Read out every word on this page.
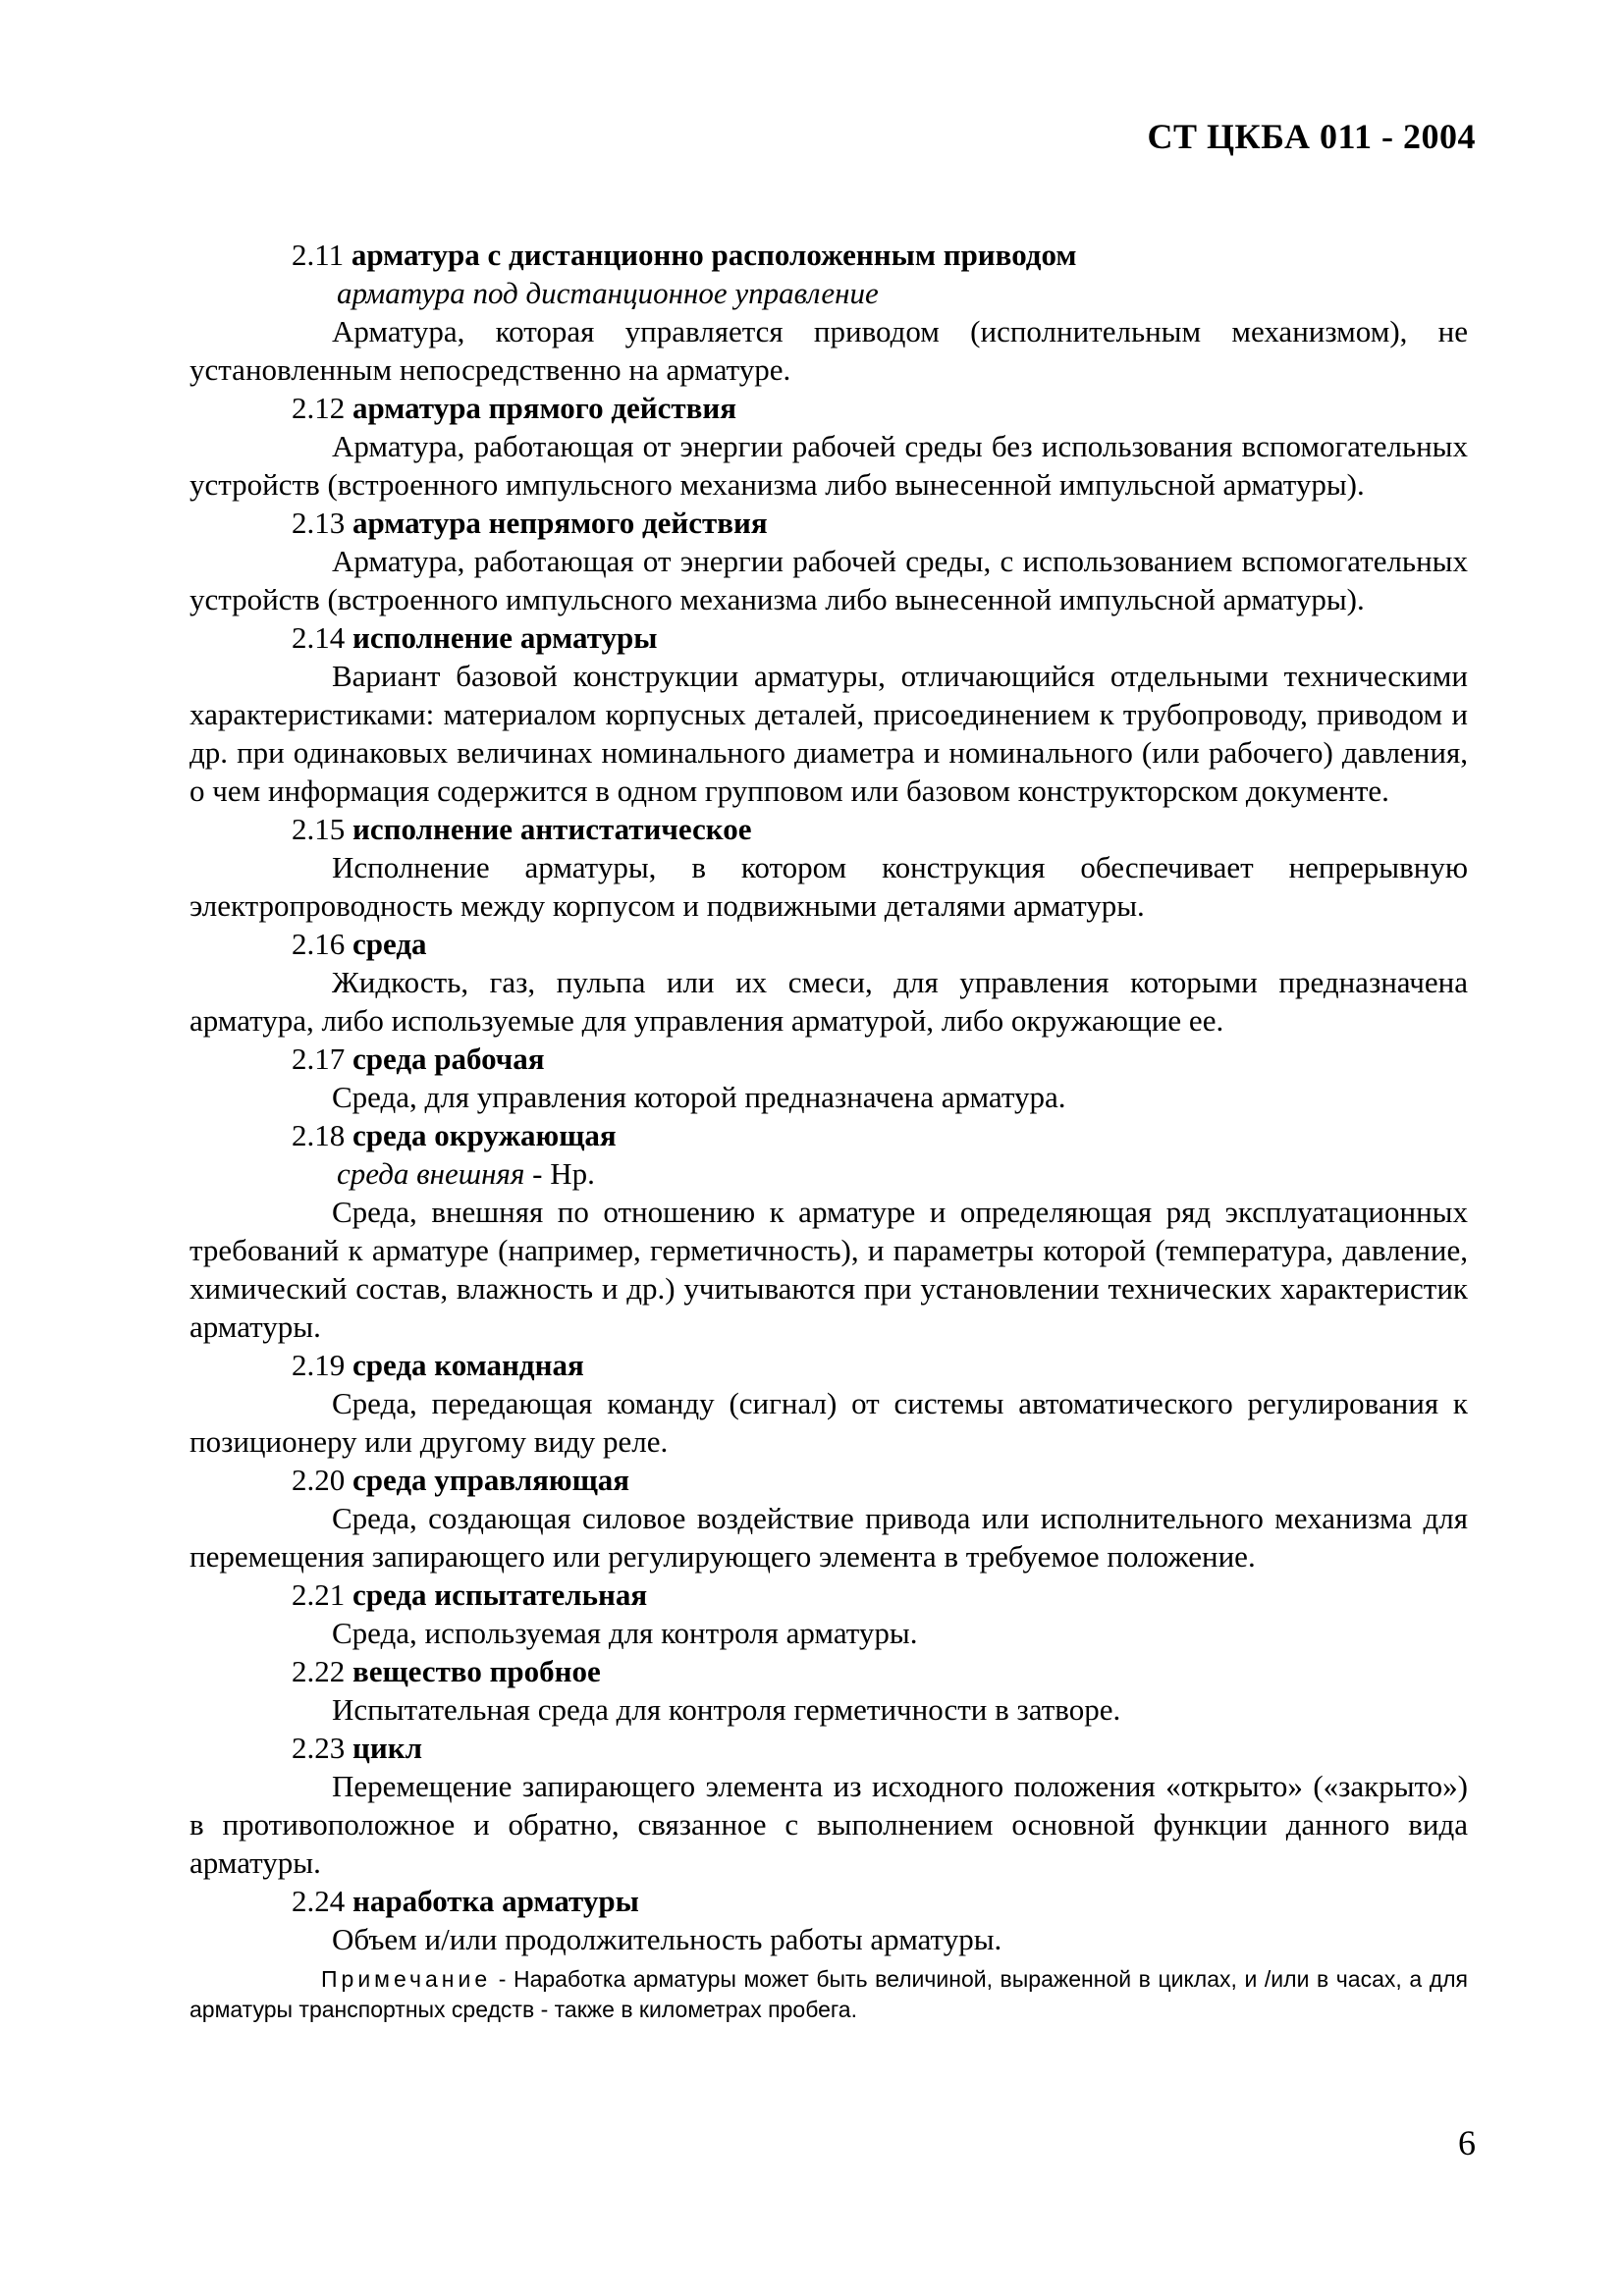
СТ ЦКБА 011 - 2004
2.11 арматура с дистанционно расположенным приводом
арматура под дистанционное управление
Арматура, которая управляется приводом (исполнительным механизмом), не установленным непосредственно на арматуре.
2.12 арматура прямого действия
Арматура, работающая от энергии рабочей среды без использования вспомогательных устройств (встроенного импульсного механизма либо вынесенной импульсной арматуры).
2.13 арматура непрямого действия
Арматура, работающая от энергии рабочей среды, с использованием вспомогательных устройств (встроенного импульсного механизма либо вынесенной импульсной арматуры).
2.14 исполнение арматуры
Вариант базовой конструкции арматуры, отличающийся отдельными техническими характеристиками: материалом корпусных деталей, присоединением к трубопроводу, приводом и др. при одинаковых величинах номинального диаметра и номинального (или рабочего) давления, о чем информация содержится в одном групповом или базовом конструкторском документе.
2.15 исполнение антистатическое
Исполнение арматуры, в котором конструкция обеспечивает непрерывную электропроводность между корпусом и подвижными деталями арматуры.
2.16 среда
Жидкость, газ, пульпа или их смеси, для управления которыми предназначена арматура, либо используемые для управления арматурой, либо окружающие ее.
2.17 среда рабочая
Среда, для управления которой предназначена арматура.
2.18 среда окружающая
среда внешняя - Нр.
Среда, внешняя по отношению к арматуре и определяющая ряд эксплуатационных требований к арматуре (например, герметичность), и параметры которой (температура, давление, химический состав, влажность и др.) учитываются при установлении технических характеристик арматуры.
2.19 среда командная
Среда, передающая команду (сигнал) от системы автоматического регулирования к позиционеру или другому виду реле.
2.20 среда управляющая
Среда, создающая силовое воздействие привода или исполнительного механизма для перемещения запирающего или регулирующего элемента в требуемое положение.
2.21 среда испытательная
Среда, используемая для контроля арматуры.
2.22 вещество пробное
Испытательная среда для контроля герметичности в затворе.
2.23 цикл
Перемещение запирающего элемента из исходного положения «открыто» («закрыто») в противоположное и обратно, связанное с выполнением основной функции данного вида арматуры.
2.24 наработка арматуры
Объем и/или продолжительность работы арматуры.
Примечание - Наработка арматуры может быть величиной, выраженной в циклах, и /или в часах, а для арматуры транспортных средств - также в километрах пробега.
6
